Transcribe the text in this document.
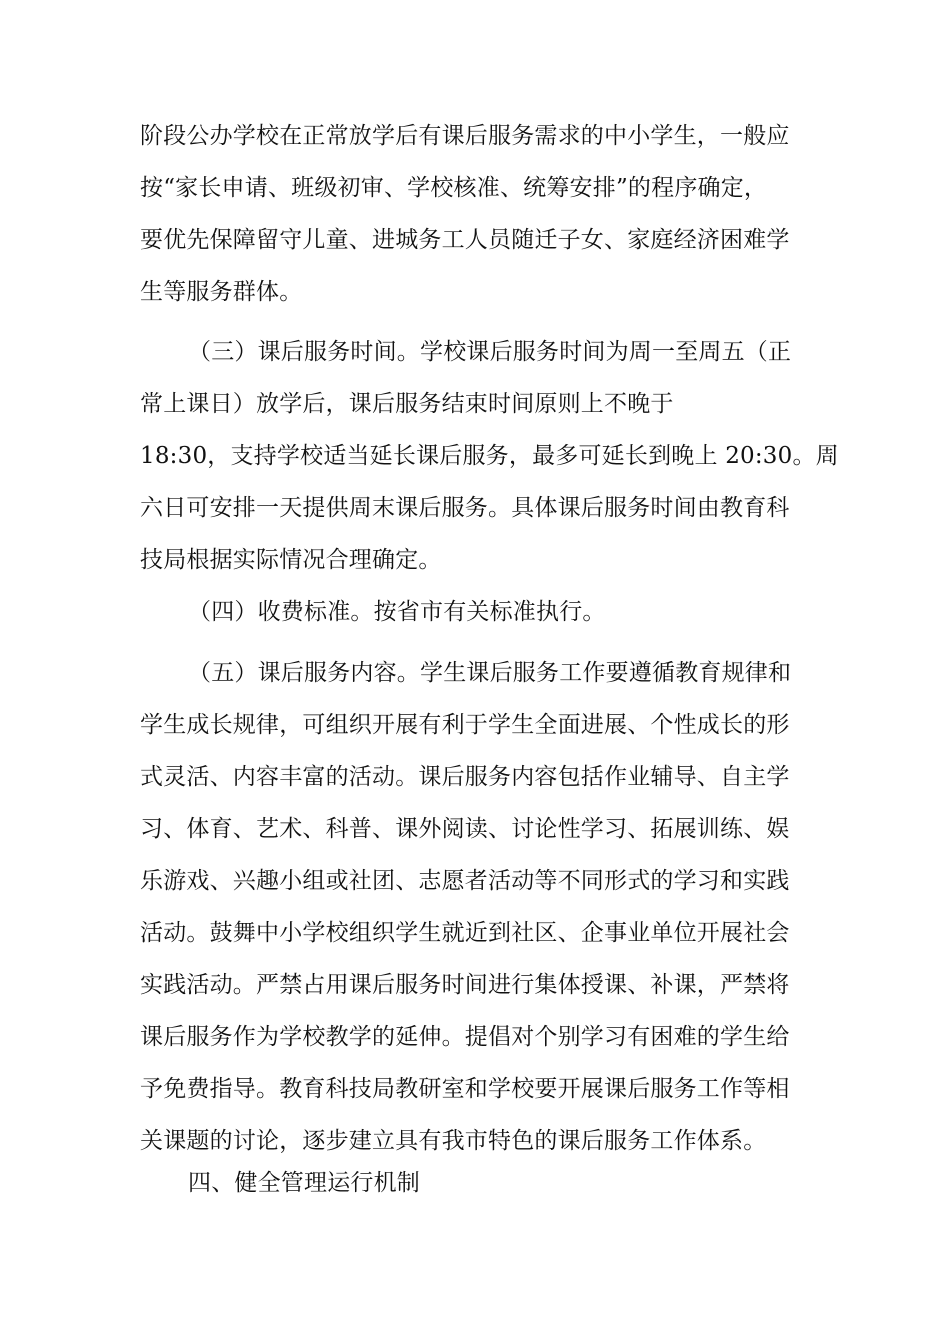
阶段公办学校在正常放学后有课后服务需求的中小学生，一般应
按“家长申请、班级初审、学校核准、统筹安排”的程序确定，
要优先保障留守儿童、进城务工人员随迁子女、家庭经济困难学
生等服务群体。

（三）课后服务时间。学校课后服务时间为周一至周五（正
常上课日）放学后，课后服务结束时间原则上不晚于
18:30，支持学校适当延长课后服务，最多可延长到晚上 20:30。周
六日可安排一天提供周末课后服务。具体课后服务时间由教育科
技局根据实际情况合理确定。

（四）收费标准。按省市有关标准执行。

（五）课后服务内容。学生课后服务工作要遵循教育规律和
学生成长规律，可组织开展有利于学生全面进展、个性成长的形
式灵活、内容丰富的活动。课后服务内容包括作业辅导、自主学
习、体育、艺术、科普、课外阅读、讨论性学习、拓展训练、娱
乐游戏、兴趣小组或社团、志愿者活动等不同形式的学习和实践
活动。鼓舞中小学校组织学生就近到社区、企事业单位开展社会
实践活动。严禁占用课后服务时间进行集体授课、补课，严禁将
课后服务作为学校教学的延伸。提倡对个别学习有困难的学生给
予免费指导。教育科技局教研室和学校要开展课后服务工作等相
关课题的讨论，逐步建立具有我市特色的课后服务工作体系。

四、健全管理运行机制
